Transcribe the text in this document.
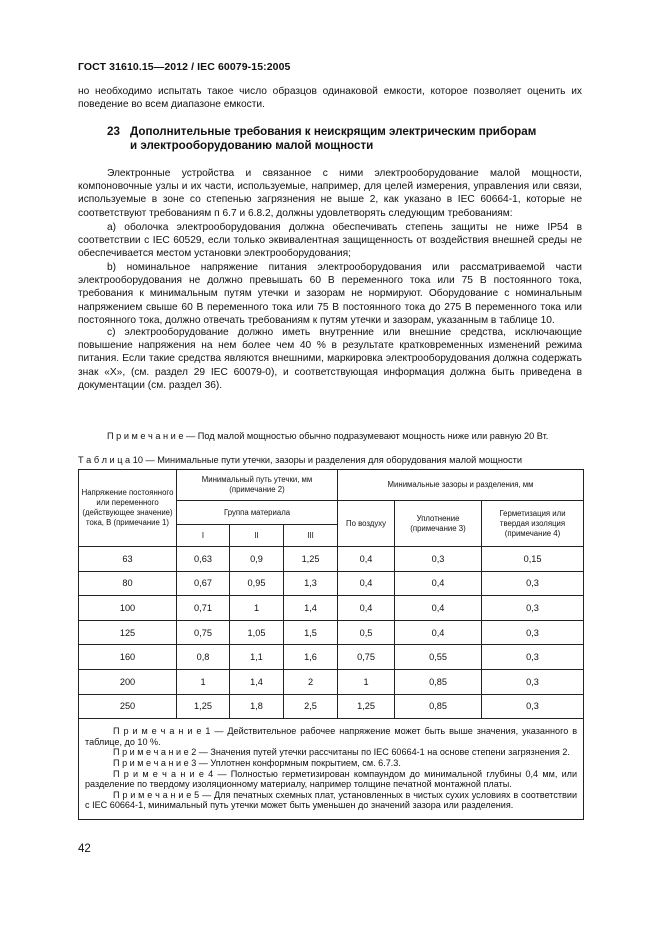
ГОСТ 31610.15—2012 / IEC 60079-15:2005
но необходимо испытать такое число образцов одинаковой емкости, которое позволяет оценить их поведение во всем диапазоне емкости.
23 Дополнительные требования к неискрящим электрическим приборам
и электрооборудованию малой мощности
Электронные устройства и связанное с ними электрооборудование малой мощности, компоновочные узлы и их части, используемые, например, для целей измерения, управления или связи, используемые в зоне со степенью загрязнения не выше 2, как указано в IEC 60664-1, которые не соответствуют требованиям п 6.7 и 6.8.2, должны удовлетворять следующим требованиям:
а) оболочка электрооборудования должна обеспечивать степень защиты не ниже IP54 в соответствии с IEC 60529, если только эквивалентная защищенность от воздействия внешней среды не обеспечивается местом установки электрооборудования;
b) номинальное напряжение питания электрооборудования или рассматриваемой части электрооборудования не должно превышать 60 В переменного тока или 75 В постоянного тока, требования к минимальным путям утечки и зазорам не нормируют. Оборудование с номинальным напряжением свыше 60 В переменного тока или 75 В постоянного тока до 275 В переменного тока или постоянного тока, должно отвечать требованиям к путям утечки и зазорам, указанным в таблице 10.
с) электрооборудование должно иметь внутренние или внешние средства, исключающие повышение напряжения на нем более чем 40 % в результате кратковременных изменений режима питания. Если такие средства являются внешними, маркировка электрооборудования должна содержать знак «X», (см. раздел 29 IEC 60079-0), и соответствующая информация должна быть приведена в документации (см. раздел 36).
П р и м е ч а н и е — Под малой мощностью обычно подразумевают мощность ниже или равную 20 Вт.
Т а б л и ц а 10 — Минимальные пути утечки, зазоры и разделения для оборудования малой мощности
Напряжение постоянного или переменного (действующее значение) тока, В (примечание 1)	Минимальный путь утечки, мм (примечание 2)			Минимальные зазоры и разделения, мм		
	Группа материала			По воздуху	Уплотнение (примечание 3)	Герметизация или твердая изоляция (примечание 4)
	I	II	III			
63	0,63	0,9	1,25	0,4	0,3	0,15
80	0,67	0,95	1,3	0,4	0,4	0,3
100	0,71	1	1,4	0,4	0,4	0,3
125	0,75	1,05	1,5	0,5	0,4	0,3
160	0,8	1,1	1,6	0,75	0,55	0,3
200	1	1,4	2	1	0,85	0,3
250	1,25	1,8	2,5	1,25	0,85	0,3

П р и м е ч а н и е 1 — Действительное рабочее напряжение может быть выше значения, указанного в таблице, до 10 %.
П р и м е ч а н и е 2 — Значения путей утечки рассчитаны по IEC 60664-1 на основе степени загрязнения 2.
П р и м е ч а н и е 3 — Уплотнен конформным покрытием, см. 6.7.3.
П р и м е ч а н и е 4 — Полностью герметизирован компаундом до минимальной глубины 0,4 мм, или разделение по твердому изоляционному материалу, например толщине печатной монтажной платы.
П р и м е ч а н и е 5 — Для печатных схемных плат, установленных в чистых сухих условиях в соответствии с IEC 60664-1, минимальный путь утечки может быть уменьшен до значений зазора или разделения.						
42
